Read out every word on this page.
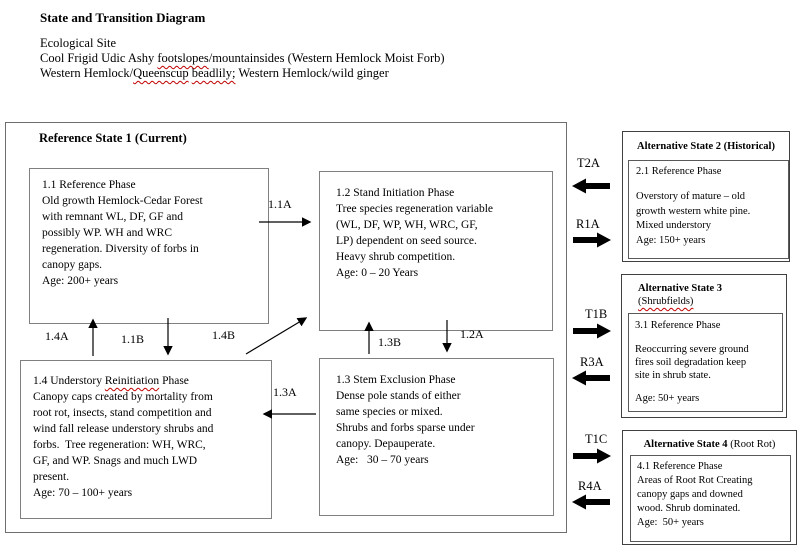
State and Transition Diagram
Ecological Site
Cool Frigid Udic Ashy footslopes/mountainsides (Western Hemlock Moist Forb)
Western Hemlock/Queenscup beadlily; Western Hemlock/wild ginger
Reference State 1 (Current)
1.1 Reference Phase
Old growth Hemlock-Cedar Forest
with remnant WL, DF, GF and
possibly WP. WH and WRC
regeneration. Diversity of forbs in
canopy gaps.
Age: 200+ years
1.2 Stand Initiation Phase
Tree species regeneration variable
(WL, DF, WP, WH, WRC, GF,
LP) dependent on seed source.
Heavy shrub competition.
Age: 0 – 20 Years
1.3 Stem Exclusion Phase
Dense pole stands of either
same species or mixed.
Shrubs and forbs sparse under
canopy. Depauperate.
Age:   30 – 70 years
1.4 Understory Reinitiation Phase
Canopy caps created by mortality from
root rot, insects, stand competition and
wind fall release understory shrubs and
forbs.  Tree regeneration: WH, WRC,
GF, and WP. Snags and much LWD
present.
Age: 70 – 100+ years
1.1A
1.4A	1.1B	1.4B	1.3B
1.2A
1.3A
T2A
R1A
T1B
R3A
T1C
R4A
Alternative State 2 (Historical)
2.1 Reference Phase
Overstory of mature – old
growth western white pine.
Mixed understory
Age: 150+ years
Alternative State 3
(Shrubfields)
3.1 Reference Phase
Reoccurring severe ground
fires soil degradation keep
site in shrub state.
Age: 50+ years
Alternative State 4 (Root Rot)
4.1 Reference Phase
Areas of Root Rot Creating
canopy gaps and downed
wood. Shrub dominated.
Age:  50+ years
